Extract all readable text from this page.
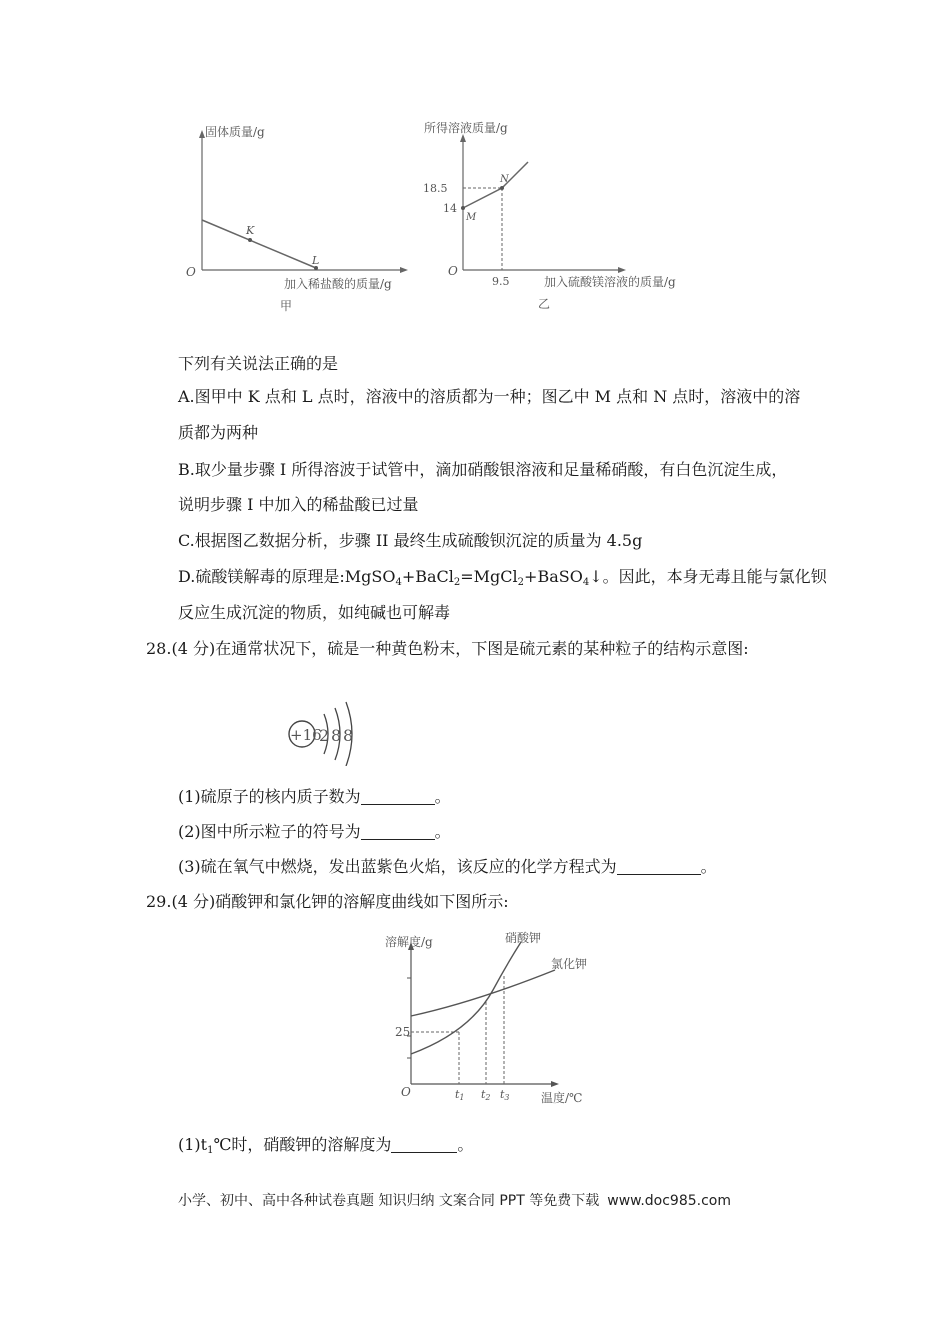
固体质量/g
O
K
L
加入稀盐酸的质量/g
甲
所得溶液质量/g
18.5
14
M
N
O
9.5	加入硫酸镁溶液的质量/g
乙
下列有关说法正确的是
A.图甲中 K 点和 L 点时，溶液中的溶质都为一种；图乙中 M 点和 N 点时，溶液中的溶
质都为两种
B.取少量步骤 I 所得溶波于试管中，滴加硝酸银溶液和足量稀硝酸，有白色沉淀生成，
说明步骤 I 中加入的稀盐酸已过量
C.根据图乙数据分析，步骤 II 最终生成硫酸钡沉淀的质量为 4.5g
D.硫酸镁解毒的原理是:MgSO$_4$+BaCl$_2$=MgCl$_2$+BaSO$_4$↓。因此，本身无毒且能与氯化钡
反应生成沉淀的物质，如纯碱也可解毒
28.(4 分)在通常状况下，硫是一种黄色粉末，下图是硫元素的某种粒子的结构示意图:
+16
2 8 8
(1)硫原子的核内质子数为	。
(2)图中所示粒子的符号为	。
(3)硫在氧气中燃烧，发出蓝紫色火焰，该反应的化学方程式为	。
29.(4 分)硝酸钾和氯化钾的溶解度曲线如下图所示:
溶解度/g
25
O	t1 t2 t3	温度/℃
硝酸钾
氯化钾
$(1)t_1℃$时，硝酸钾的溶解度为	。
小学、初中、高中各种试卷真题 知识归纳 文案合同 PPT 等免费下载 www.doc985.com
